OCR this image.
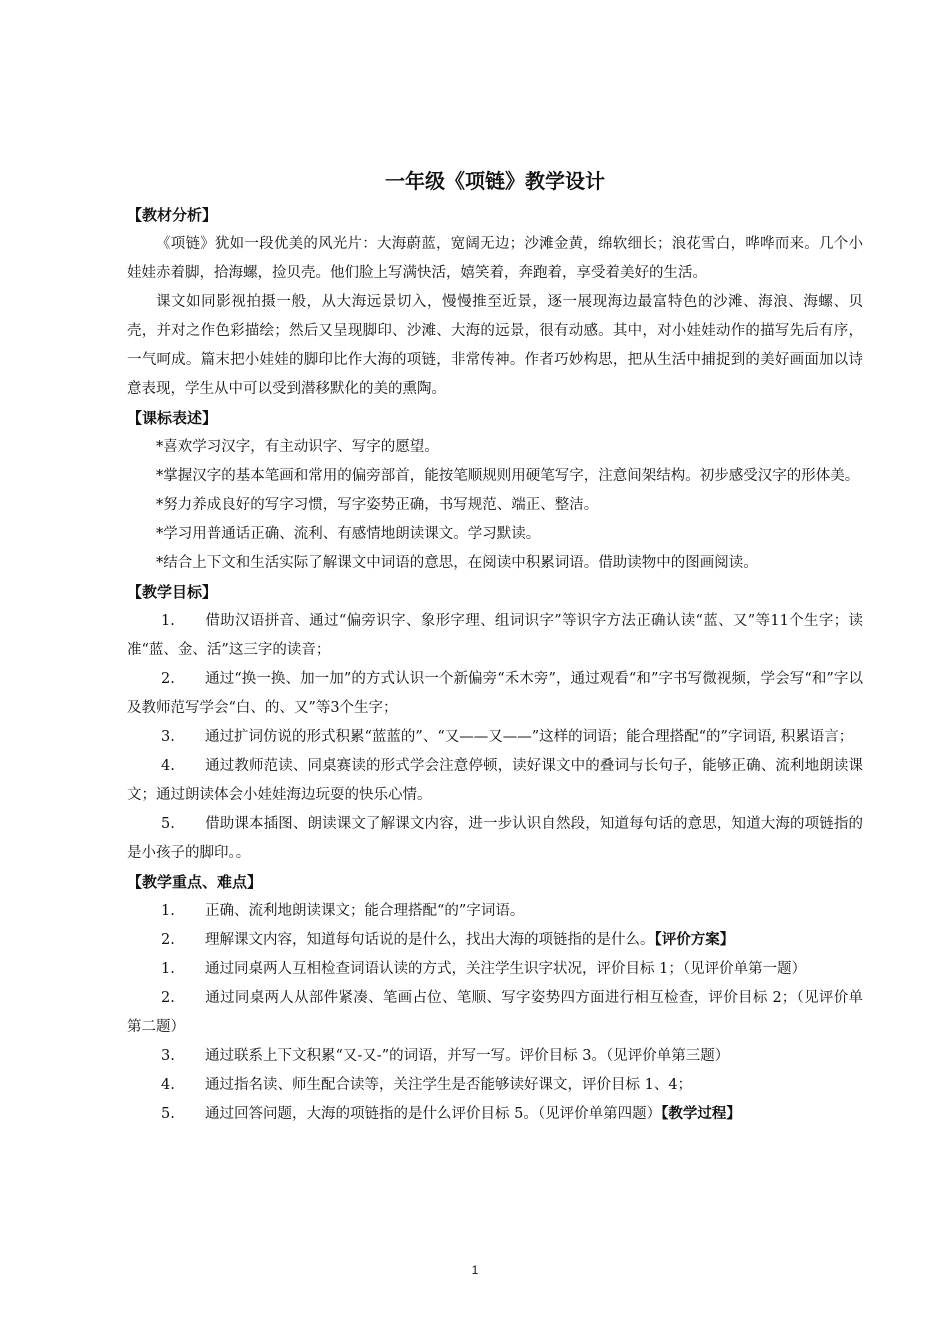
一年级《项链》教学设计
【教材分析】
《项链》犹如一段优美的风光片：大海蔚蓝，宽阔无边；沙滩金黄，绵软细长；浪花雪白，哗哗而来。几个小娃娃赤着脚，拾海螺，捡贝壳。他们脸上写满快活，嬉笑着，奔跑着，享受着美好的生活。
课文如同影视拍摄一般，从大海远景切入，慢慢推至近景，逐一展现海边最富特色的沙滩、海浪、海螺、贝壳，并对之作色彩描绘；然后又呈现脚印、沙滩、大海的远景，很有动感。其中，对小娃娃动作的描写先后有序，一气呵成。篇末把小娃娃的脚印比作大海的项链，非常传神。作者巧妙构思，把从生活中捕捉到的美好画面加以诗意表现，学生从中可以受到潜移默化的美的熏陶。
【课标表述】
*喜欢学习汉字，有主动识字、写字的愿望。
*掌握汉字的基本笔画和常用的偏旁部首，能按笔顺规则用硬笔写字，注意间架结构。初步感受汉字的形体美。
*努力养成良好的写字习惯，写字姿势正确，书写规范、端正、整洁。
*学习用普通话正确、流利、有感情地朗读课文。学习默读。
*结合上下文和生活实际了解课文中词语的意思，在阅读中积累词语。借助读物中的图画阅读。
【教学目标】
1. 借助汉语拼音、通过“偏旁识字、象形字理、组词识字”等识字方法正确认读“蓝、又”等11个生字；读准“蓝、金、活”这三字的读音；
2. 通过“换一换、加一加”的方式认识一个新偏旁“禾木旁”，通过观看“和”字书写微视频，学会写“和”字以及教师范写学会“白、的、又”等3个生字；
3. 通过扩词仿说的形式积累“蓝蓝的”、“又——又——”这样的词语；能合理搭配“的”字词语, 积累语言；
4. 通过教师范读、同桌赛读的形式学会注意停顿，读好课文中的叠词与长句子，能够正确、流利地朗读课文；通过朗读体会小娃娃海边玩耍的快乐心情。
5. 借助课本插图、朗读课文了解课文内容，进一步认识自然段，知道每句话的意思，知道大海的项链指的是小孩子的脚印。。
【教学重点、难点】
1. 正确、流利地朗读课文；能合理搭配“的”字词语。
2. 理解课文内容，知道每句话说的是什么，找出大海的项链指的是什么。【评价方案】
1. 通过同桌两人互相检查词语认读的方式，关注学生识字状况，评价目标 1；（见评价单第一题）
2. 通过同桌两人从部件紧凑、笔画占位、笔顺、写字姿势四方面进行相互检查，评价目标 2；（见评价单第二题）
3. 通过联系上下文积累“又-又-”的词语，并写一写。评价目标 3。（见评价单第三题）
4. 通过指名读、师生配合读等，关注学生是否能够读好课文，评价目标 1、4；
5. 通过回答问题，大海的项链指的是什么评价目标 5。（见评价单第四题）【教学过程】
1
